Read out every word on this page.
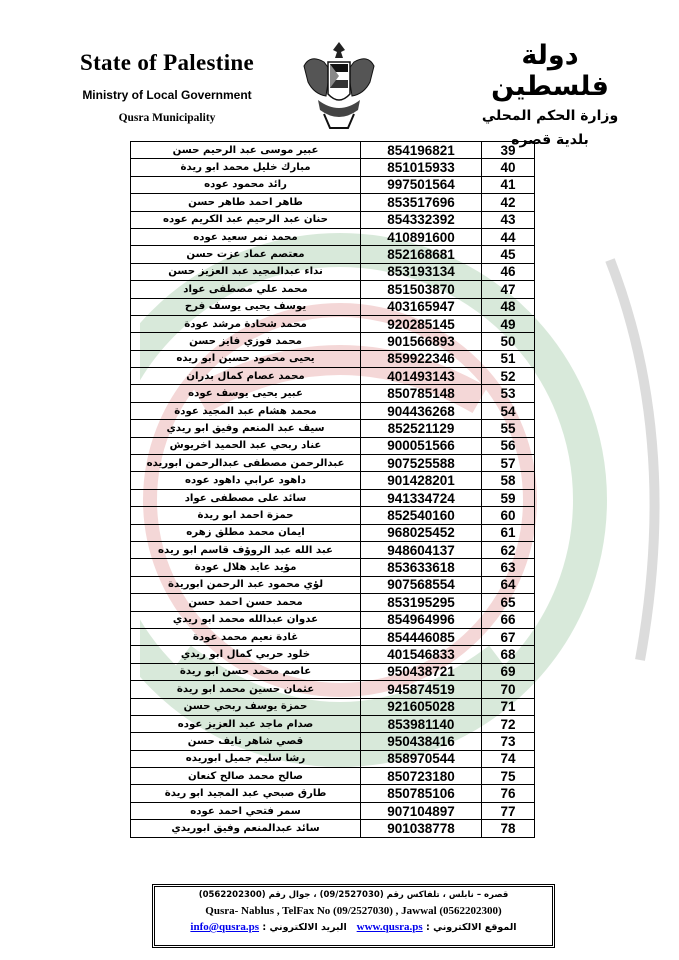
State of Palestine
Ministry of Local Government
Qusra Municipality
دولة فلسطين
وزارة الحكم المحلي
بلدية قصره
39	854196821	عبير موسى عبد الرحيم حسن
40	851015933	مبارك خليل محمد ابو ريدة
41	997501564	رائد محمود عوده
42	853517696	طاهر احمد طاهر حسن
43	854332392	حنان عبد الرحيم عبد الكريم عوده
44	410891600	محمد نمر سعيد عوده
45	852168681	معتصم عماد عزت حسن
46	853193134	نداء عبدالمجيد عبد العزيز حسن
47	851503870	محمد علي مصطفى عواد
48	403165947	يوسف يحيى يوسف فرح
49	920285145	محمد شحادة مرشد عودة
50	901566893	محمد فوزي فايز حسن
51	859922346	يحيى محمود حسين ابو ريده
52	401493143	محمد عصام كمال بدران
53	850785148	عبير يحيى يوسف عوده
54	904436268	محمد هشام عبد المجيد عودة
55	852521129	سيف عبد المنعم وفيق ابو ريدي
56	900051566	عناد ربحي عبد الحميد اخريوش
57	907525588	عبدالرحمن مصطفى عبدالرحمن ابوريده
58	901428201	داهود عرابي داهود عوده
59	941334724	سائد على مصطفى عواد
60	852540160	حمزة احمد ابو ريدة
61	968025452	ايمان محمد مطلق زهره
62	948604137	عبد الله عبد الروؤف قاسم ابو ريده
63	853633618	مؤيد عايد هلال عودة
64	907568554	لؤي محمود عبد الرحمن ابوريدة
65	853195295	محمد حسن احمد حسن
66	854964996	عدوان عبدالله محمد ابو ريدي
67	854446085	غادة نعيم محمد عودة
68	401546833	خلود حربي كمال ابو ريدي
69	950438721	عاصم محمد حسن ابو ريدة
70	945874519	عثمان حسين محمد ابو ريدة
71	921605028	حمزة يوسف ربحي حسن
72	853981140	صدام ماجد عبد العزيز عوده
73	950438416	قصي شاهر نايف حسن
74	858970544	رشا سليم جميل ابوريده
75	850723180	صالح محمد صالح كنعان
76	850785106	طارق صبحي عبد المجيد ابو ريدة
77	907104897	سمر فتحي احمد عوده
78	901038778	سائد عبدالمنعم وفيق ابوريدي
قصره – نابلس ، تلفاكس رقم (09/2527030) ، جوال رقم (0562202300)
Qusra- Nablus , TelFax No (09/2527030) , Jawwal (0562202300)
الموقع الالكتروني : www.qusra.ps   البريد الالكتروني : info@qusra.ps
